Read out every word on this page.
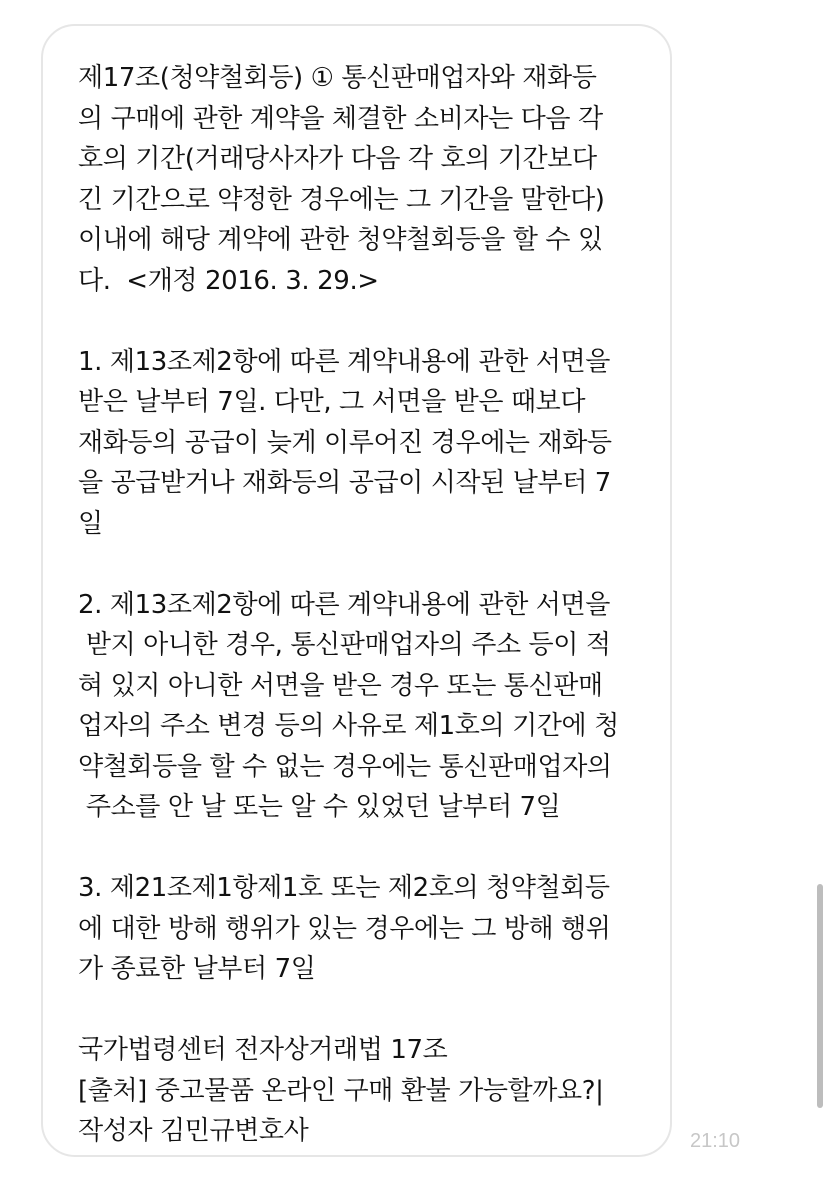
제17조(청약철회등) ① 통신판매업자와 재화등
의 구매에 관한 계약을 체결한 소비자는 다음 각
호의 기간(거래당사자가 다음 각 호의 기간보다
긴 기간으로 약정한 경우에는 그 기간을 말한다)
이내에 해당 계약에 관한 청약철회등을 할 수 있
다.  <개정 2016. 3. 29.>

1. 제13조제2항에 따른 계약내용에 관한 서면을
받은 날부터 7일. 다만, 그 서면을 받은 때보다
재화등의 공급이 늦게 이루어진 경우에는 재화등
을 공급받거나 재화등의 공급이 시작된 날부터 7
일

2. 제13조제2항에 따른 계약내용에 관한 서면을
받지 아니한 경우, 통신판매업자의 주소 등이 적
혀 있지 아니한 서면을 받은 경우 또는 통신판매
업자의 주소 변경 등의 사유로 제1호의 기간에 청
약철회등을 할 수 없는 경우에는 통신판매업자의
주소를 안 날 또는 알 수 있었던 날부터 7일

3. 제21조제1항제1호 또는 제2호의 청약철회등
에 대한 방해 행위가 있는 경우에는 그 방해 행위
가 종료한 날부터 7일

국가법령센터 전자상거래법 17조
[출처] 중고물품 온라인 구매 환불 가능할까요?|
작성자 김민규변호사	21:10
